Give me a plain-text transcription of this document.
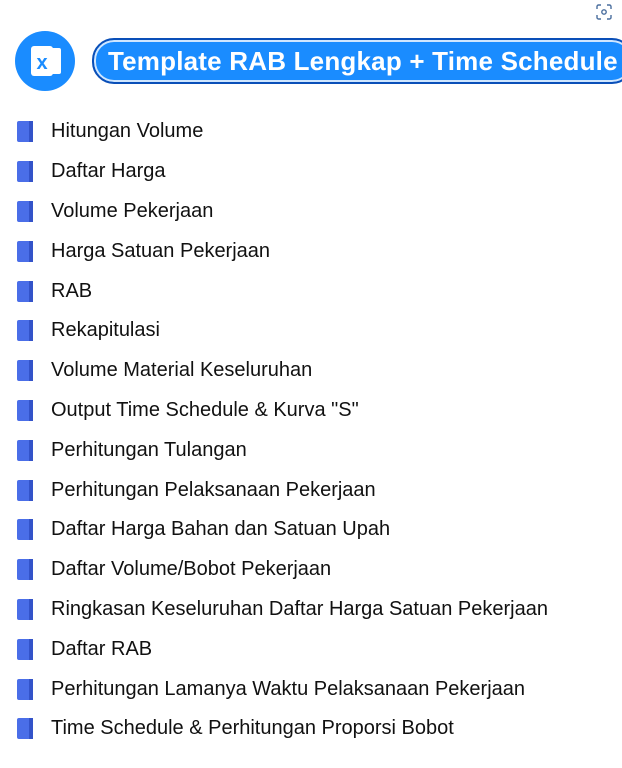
x	Template RAB Lengkap + Time Schedule
Hitungan Volume
Daftar Harga
Volume Pekerjaan
Harga Satuan Pekerjaan
RAB
Rekapitulasi
Volume Material Keseluruhan
Output Time Schedule & Kurva "S"
Perhitungan Tulangan
Perhitungan Pelaksanaan Pekerjaan
Daftar Harga Bahan dan Satuan Upah
Daftar Volume/Bobot Pekerjaan
Ringkasan Keseluruhan Daftar Harga Satuan Pekerjaan
Daftar RAB
Perhitungan Lamanya Waktu Pelaksanaan Pekerjaan
Time Schedule & Perhitungan Proporsi Bobot
